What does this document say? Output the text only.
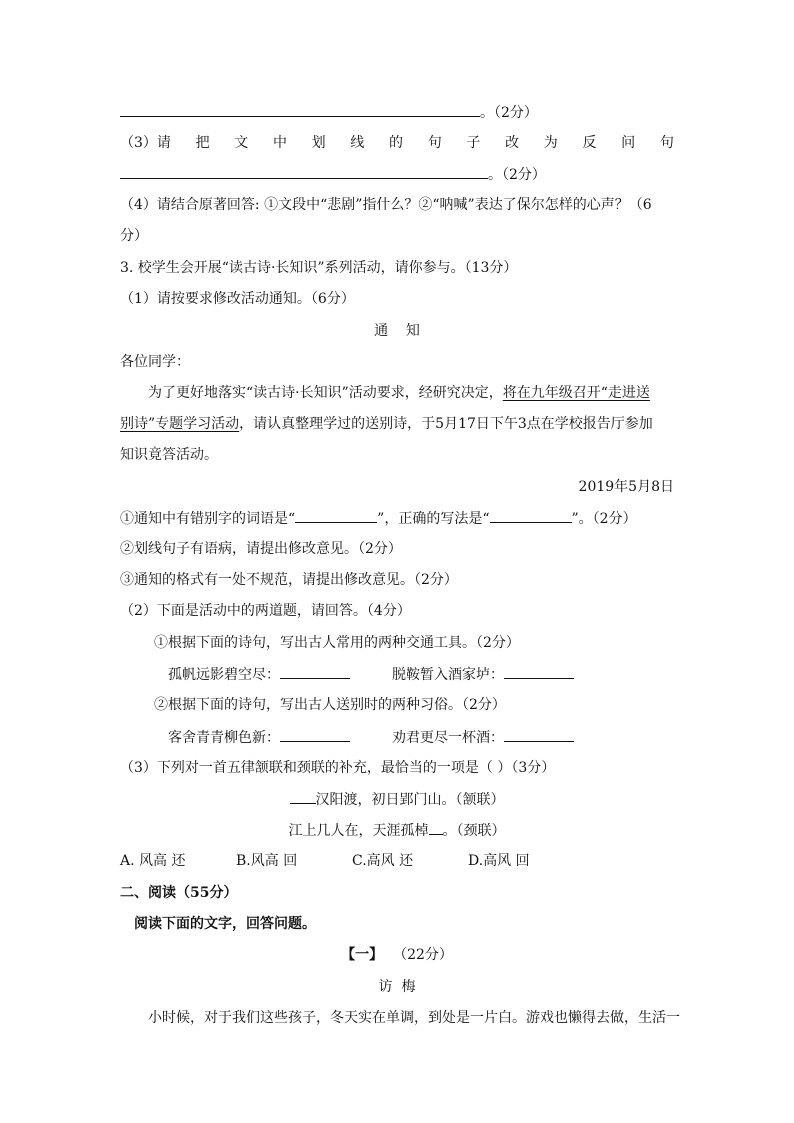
。（2分）
（3）请 把 文 中 划 线 的 句 子 改 为 反 问 句
。（2分）
（4）请结合原著回答: ①文段中“悲剧”指什么？②“呐喊”表达了保尔怎样的心声？（6
分）
3. 校学生会开展“读古诗·长知识”系列活动，请你参与。（13分）
（1）请按要求修改活动通知。（6分）
通    知
各位同学：
为了更好地落实“读古诗·长知识”活动要求，经研究决定，将在九年级召开“走进送
别诗”专题学习活动，请认真整理学过的送别诗，于5月17日下午3点在学校报告厅参加
知识竟答活动。
2019年5月8日
①通知中有错别字的词语是“	”，正确的写法是“	”。（2分）
②划线句子有语病，请提出修改意见。（2分）
③通知的格式有一处不规范，请提出修改意见。（2分）
（2）下面是活动中的两道题，请回答。（4分）
①根据下面的诗句，写出古人常用的两种交通工具。（2分）
孤帆远影碧空尽：	脱鞍暂入酒家垆：
②根据下面的诗句，写出古人送别时的两种习俗。（2分）
客舍青青柳色新：	劝君更尽一杯酒：
（3）下列对一首五律颔联和颈联的补充，最恰当的一项是（ ）（3分）
汉阳渡，初日郢门山。（颔联）
江上几人在，天涯孤棹 。（颈联）
A. 风高 还	B.风高 回	C.高风 还	D.高风 回
二、阅读（55分）
阅读下面的文字，回答问题。
【一】 （22分）
访  梅
小时候，对于我们这些孩子，冬天实在单调，到处是一片白。游戏也懒得去做，生活一
